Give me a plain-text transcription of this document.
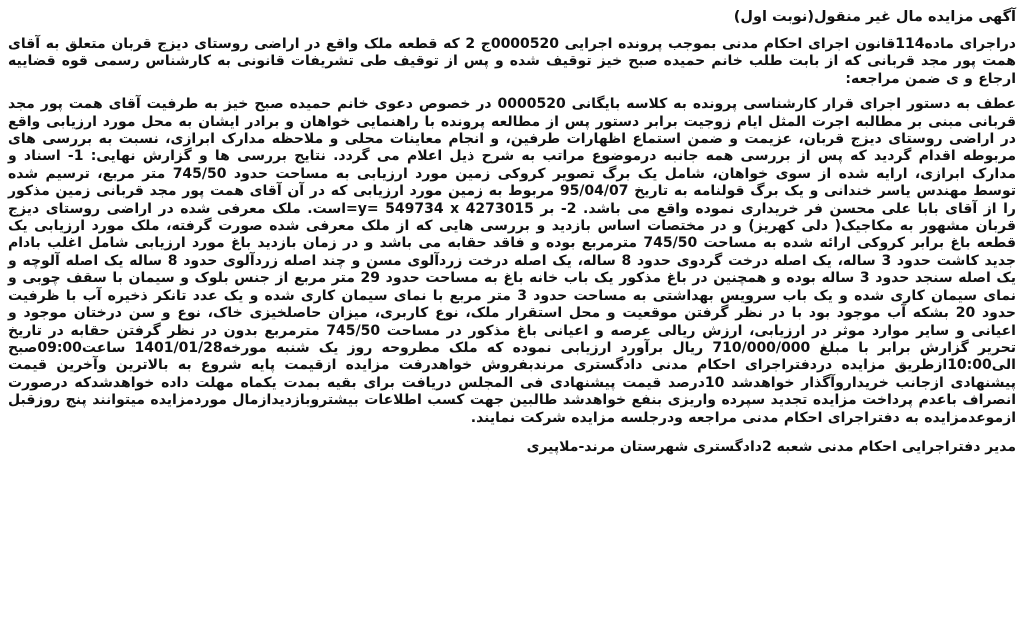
آگهی مزایده مال غیر منقول(نوبت اول)

دراجرای ماده114قانون اجرای احکام مدنی بموجب پرونده اجرایی 0000520ج 2 که قطعه ملک واقع در اراضی روستای دیزج قربان متعلق به آقای همت پور مجد قربانی که از بابت طلب خانم حمیده صبح خیز توقیف شده و پس از توقیف طی تشریفات قانونی به کارشناس رسمی قوه قضاییه ارجاع و ی ضمن مراجعه:

عطف به دستور اجرای قرار کارشناسی پرونده به کلاسه بایگانی 0000520 در خصوص دعوی خانم حمیده صبح خیز به طرفیت آقای همت پور مجد قربانی مبنی بر مطالبه اجرت المثل ایام زوجیت برابر دستور پس از مطالعه پرونده با راهنمایی خواهان و برادر ایشان به محل مورد ارزیابی واقع در اراضی روستای دیزج قربان، عزیمت و ضمن استماع اظهارات طرفین، و انجام معاینات محلی و ملاحظه مدارک ابرازی، نسبت به بررسی های مربوطه اقدام گردید که پس از بررسی همه جانبه درموضوع مراتب به شرح ذیل اعلام می گردد. نتایج بررسی ها و گزارش نهایی: 1- اسناد و مدارک ابرازی، ارایه شده از سوی خواهان، شامل یک برگ تصویر کروکی زمین مورد ارزیابی به مساحت حدود 745/50 متر مربع، ترسیم شده توسط مهندس یاسر خندانی و یک برگ قولنامه به تاریخ 95/04/07 مربوط به زمین مورد ارزیابی که در آن آقای همت پور مجد قربانی زمین مذکور را از آقای بابا علی محسن فر خریداری نموده واقع می باشد. 2- بر 4273015 y= 549734 x=است. ملک معرفی شده در اراضی روستای دیزج قربان مشهور به مکاجیک( دلی کهریز) و در مختصات اساس بازدید و بررسی هایی که از ملک معرفی شده صورت گرفته، ملک مورد ارزیابی یک قطعه باغ برابر کروکی ارائه شده به مساحت 745/50 مترمربع بوده و فاقد حقابه می باشد و در زمان بازدید باغ مورد ارزیابی شامل اغلب بادام جدید کاشت حدود 3 ساله، یک اصله درخت گردوی حدود 8 ساله، یک اصله درخت زردآلوی مسن و چند اصله زردآلوی حدود 8 ساله یک اصله آلوچه و یک اصله سنجد حدود 3 ساله بوده و همچنین در باغ مذکور یک باب خانه باغ به مساحت حدود 29 متر مربع از جنس بلوک و سیمان با سقف چوبی و نمای سیمان کاری شده و یک باب سرویس بهداشتی به مساحت حدود 3 متر مربع با نمای سیمان کاری شده و یک عدد تانکر ذخیره آب با ظرفیت حدود 20 بشکه آب موجود بود با در نظر گرفتن موقعیت و محل استقرار ملک، نوع کاربری، میزان حاصلخیزی خاک، نوع و سن درختان موجود و اعیانی و سایر موارد موثر در ارزیابی، ارزش ریالی عرصه و اعیانی باغ مذکور در مساحت 745/50 مترمربع بدون در نظر گرفتن حقابه در تاریخ تحریر گزارش برابر با مبلغ 710/000/000 ریال برآورد ارزیابی نموده که ملک مطروحه روز یک شنبه مورخه1401/01/28 ساعت09:00صبح الی10:00ازطریق مزایده دردفتراجرای احکام مدنی دادگستری مرندبفروش خواهدرفت مزایده ازقیمت پایه شروع به بالاترین وآخرین قیمت پیشنهادی ازجانب خریداروآگذار خواهدشد 10درصد قیمت پیشنهادی فی المجلس دریافت برای بقیه بمدت یکماه مهلت داده خواهدشدکه درصورت انصراف باعدم پرداخت مزایده تجدید سپرده واریزی بنفع خواهدشد طالبین جهت کسب اطلاعات بیشتروبازدیدازمال موردمزایده میتوانند پنج روزقبل ازموعدمزایده به دفتراجرای احکام مدنی مراجعه ودرجلسه مزایده شرکت نمایند.

مدیر دفتراجرایی احکام مدنی شعبه 2دادگستری شهرستان مرند-ملاپیری
